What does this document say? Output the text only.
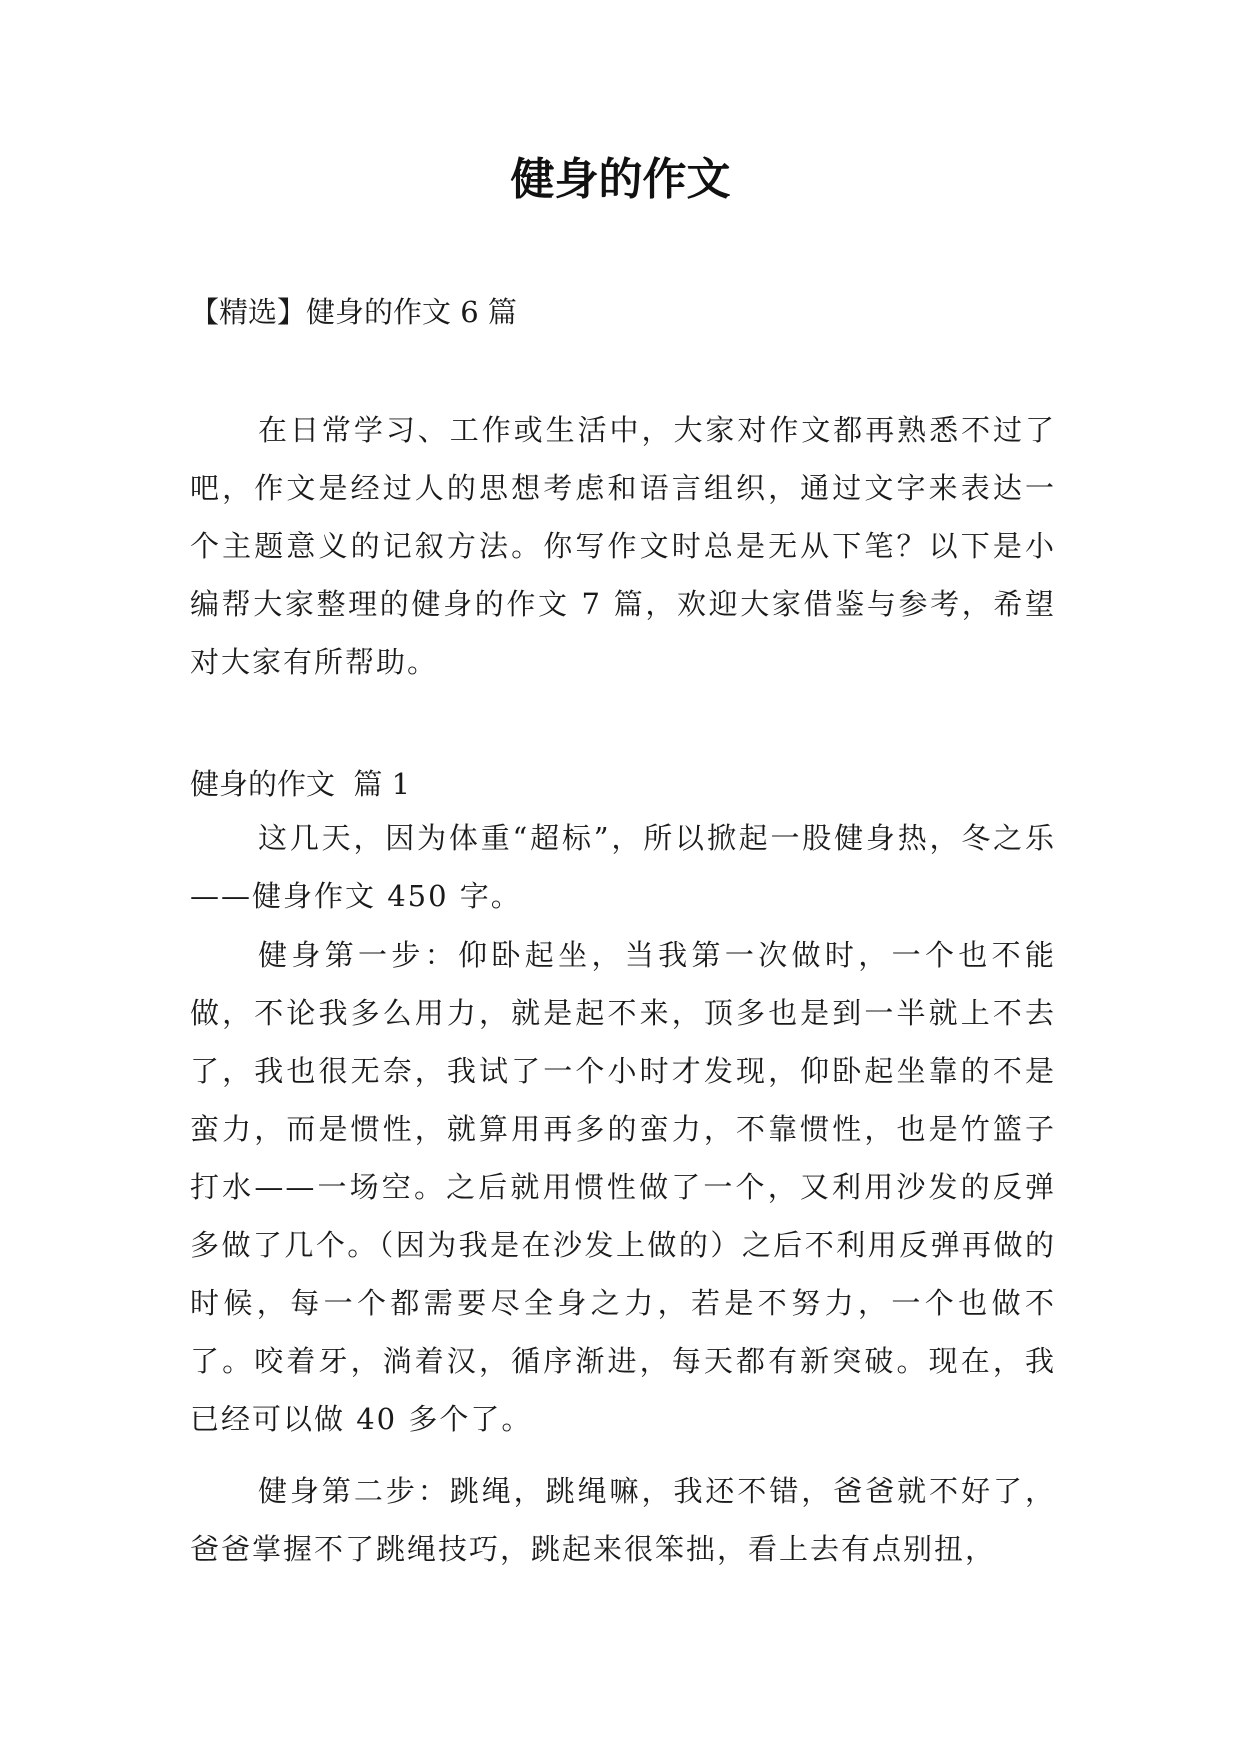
健身的作文

【精选】健身的作文 6 篇

在日常学习、工作或生活中，大家对作文都再熟悉不过了吧，作文是经过人的思想考虑和语言组织，通过文字来表达一个主题意义的记叙方法。你写作文时总是无从下笔？以下是小编帮大家整理的健身的作文 7 篇，欢迎大家借鉴与参考，希望对大家有所帮助。

健身的作文  篇 1

这几天，因为体重“超标”，所以掀起一股健身热，冬之乐——健身作文 450 字。

健身第一步：仰卧起坐，当我第一次做时，一个也不能做，不论我多么用力，就是起不来，顶多也是到一半就上不去了，我也很无奈，我试了一个小时才发现，仰卧起坐靠的不是蛮力，而是惯性，就算用再多的蛮力，不靠惯性，也是竹篮子打水——一场空。之后就用惯性做了一个，又利用沙发的反弹多做了几个。（因为我是在沙发上做的）之后不利用反弹再做的时候，每一个都需要尽全身之力，若是不努力，一个也做不了。咬着牙，淌着汉，循序渐进，每天都有新突破。现在，我已经可以做 40 多个了。

健身第二步：跳绳，跳绳嘛，我还不错，爸爸就不好了，爸爸掌握不了跳绳技巧，跳起来很笨拙，看上去有点别扭，
